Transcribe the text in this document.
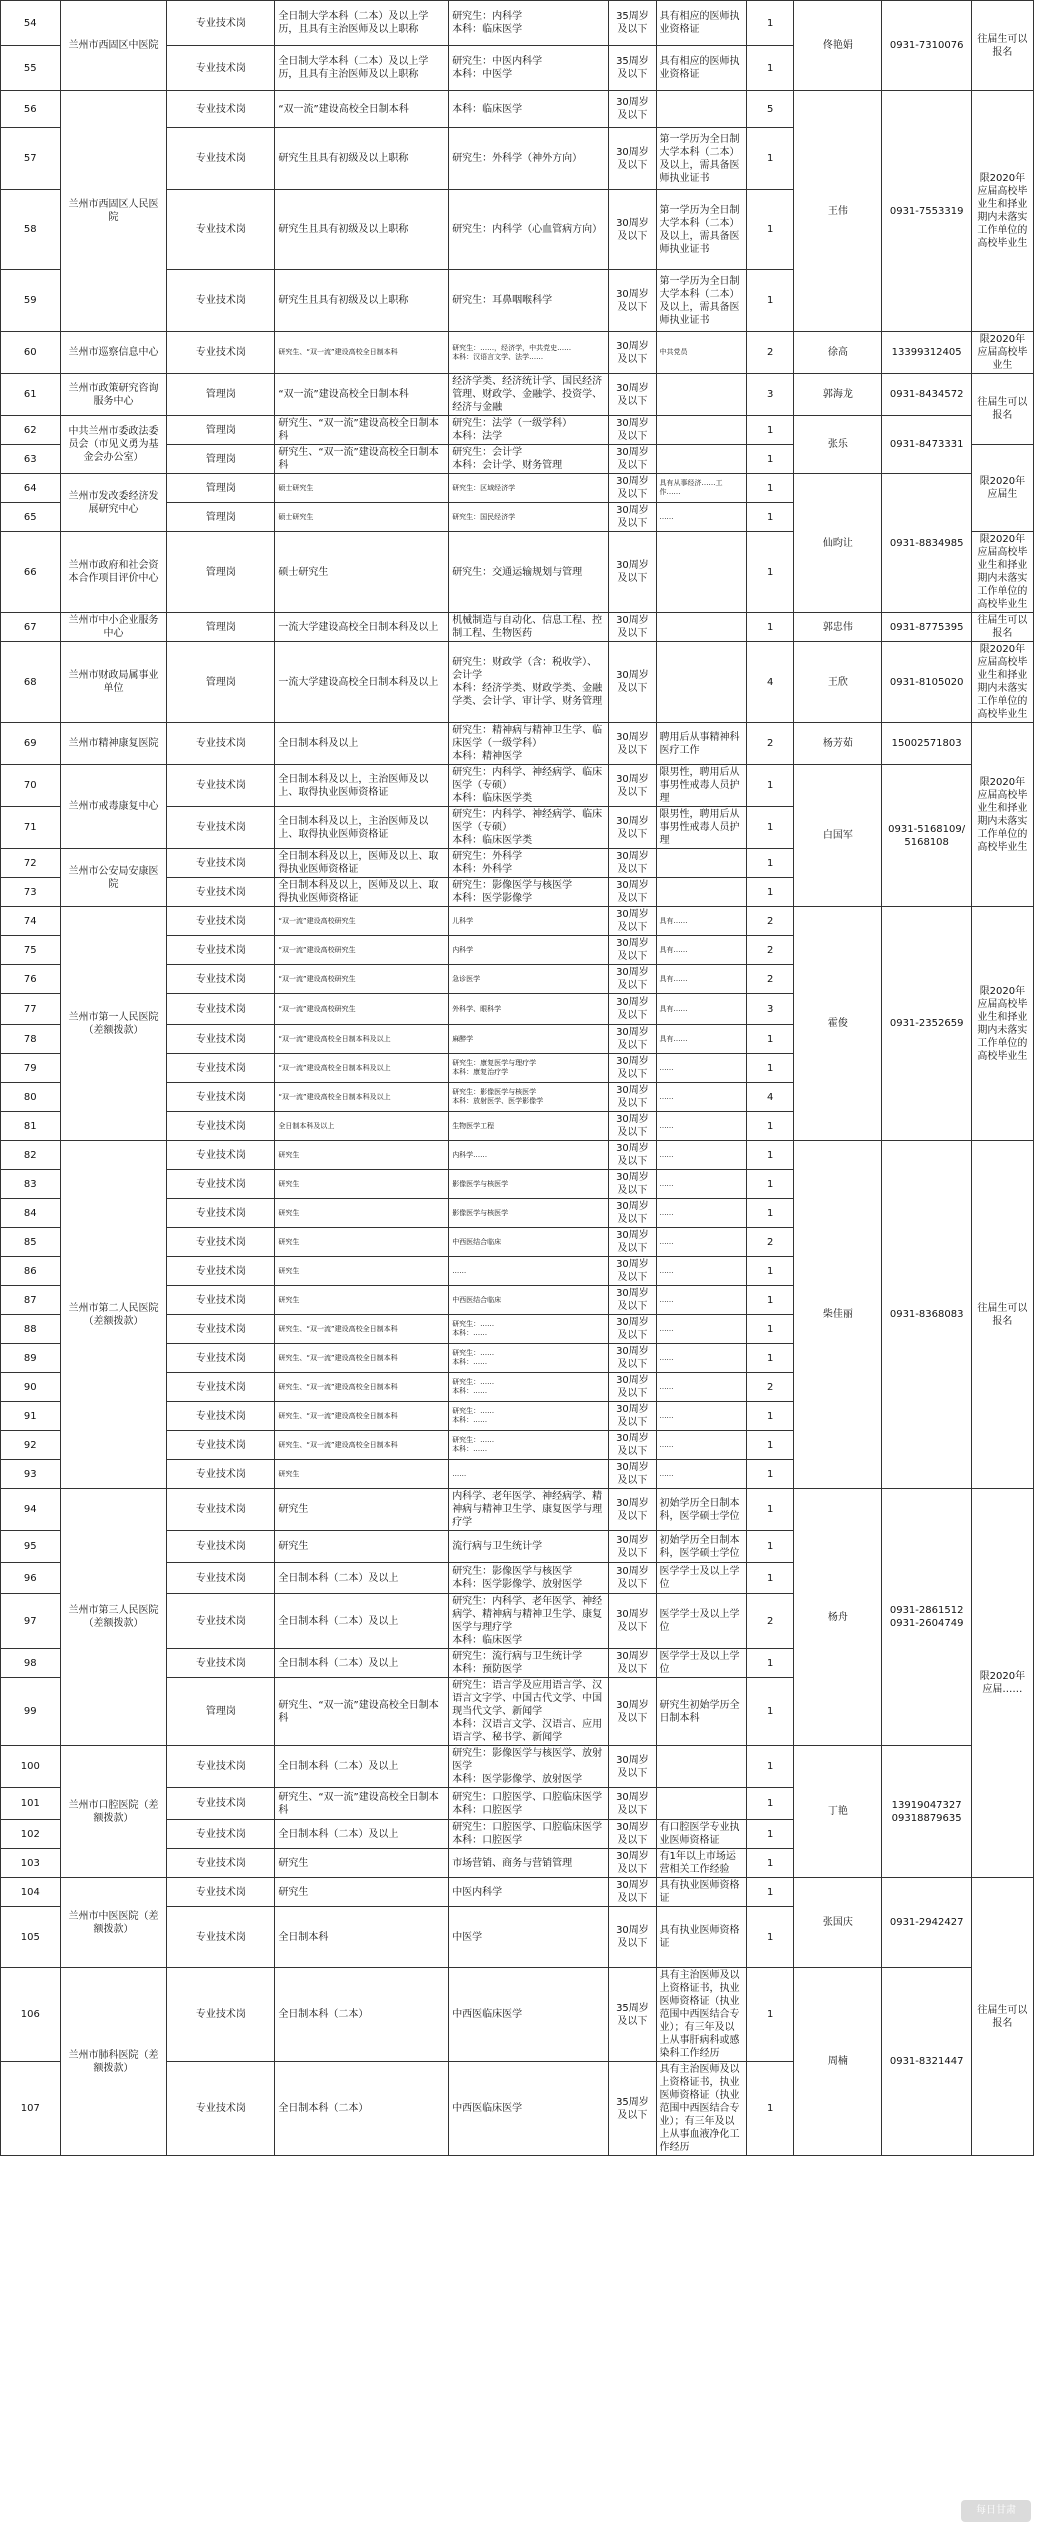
54	兰州市西固区中医院	专业技术岗	全日制大学本科（二本）及以上学历，且具有主治医师及以上职称	研究生：内科学
本科：临床医学	35周岁及以下	具有相应的医师执业资格证	1	佟艳娟	0931-7310076	往届生可以报名
55		专业技术岗	全日制大学本科（二本）及以上学历，且具有主治医师及以上职称	研究生：中医内科学
本科：中医学	35周岁及以下	具有相应的医师执业资格证	1			
56	兰州市西固区人民医院	专业技术岗	“双一流”建设高校全日制本科	本科：临床医学	30周岁及以下		5	王伟	0931-7553319	限2020年应届高校毕业生和择业期内未落实工作单位的高校毕业生
57		专业技术岗	研究生且具有初级及以上职称	研究生：外科学（神外方向）	30周岁及以下	第一学历为全日制大学本科（二本）及以上，需具备医师执业证书	1			
58		专业技术岗	研究生且具有初级及以上职称	研究生：内科学（心血管病方向）	30周岁及以下	第一学历为全日制大学本科（二本）及以上，需具备医师执业证书	1			
59		专业技术岗	研究生且具有初级及以上职称	研究生：耳鼻咽喉科学	30周岁及以下	第一学历为全日制大学本科（二本）及以上，需具备医师执业证书	1			
60	兰州市巡察信息中心	专业技术岗	研究生、“双一流”建设高校全日制本科	研究生：……，经济学，中共党史……
本科：汉语言文学、法学……	30周岁及以下	中共党员	2	徐高	13399312405	限2020年应届高校毕业生
61	兰州市政策研究咨询服务中心	管理岗	“双一流”建设高校全日制本科	经济学类、经济统计学、国民经济管理、财政学、金融学、投资学、经济与金融	30周岁及以下		3	郭海龙	0931-8434572	往届生可以报名
62	中共兰州市委政法委员会（市见义勇为基金会办公室）	管理岗	研究生、“双一流”建设高校全日制本科	研究生：法学（一级学科）
本科：法学	30周岁及以下		1	张乐	0931-8473331	
63		管理岗	研究生、“双一流”建设高校全日制本科	研究生：会计学
本科：会计学、财务管理	30周岁及以下		1			限2020年应届生
64	兰州市发改委经济发展研究中心	管理岗	硕士研究生	研究生：区域经济学	30周岁及以下	具有从事经济……工作……	1	仙昀让	0931-8834985	
65		管理岗	硕士研究生	研究生：国民经济学	30周岁及以下	……	1			
66	兰州市政府和社会资本合作项目评价中心	管理岗	硕士研究生	研究生：交通运输规划与管理	30周岁及以下		1			限2020年应届高校毕业生和择业期内未落实工作单位的高校毕业生
67	兰州市中小企业服务中心	管理岗	一流大学建设高校全日制本科及以上	机械制造与自动化、信息工程、控制工程、生物医药	30周岁及以下		1	郭忠伟	0931-8775395	往届生可以报名
68	兰州市财政局属事业单位	管理岗	一流大学建设高校全日制本科及以上	研究生：财政学（含：税收学）、会计学
本科：经济学类、财政学类、金融学类、会计学、审计学、财务管理	30周岁及以下		4	王欣	0931-8105020	限2020年应届高校毕业生和择业期内未落实工作单位的高校毕业生
69	兰州市精神康复医院	专业技术岗	全日制本科及以上	研究生：精神病与精神卫生学、临床医学（一级学科）
本科：精神医学	30周岁及以下	聘用后从事精神科医疗工作	2	杨芳茹	15002571803	限2020年应届高校毕业生和择业期内未落实工作单位的高校毕业生
70	兰州市戒毒康复中心	专业技术岗	全日制本科及以上，主治医师及以上、取得执业医师资格证	研究生：内科学、神经病学、临床医学（专硕）
本科：临床医学类	30周岁及以下	限男性，聘用后从事男性戒毒人员护理	1	白国军	0931-5168109/5168108	
71		专业技术岗	全日制本科及以上，主治医师及以上、取得执业医师资格证	研究生：内科学、神经病学、临床医学（专硕）
本科：临床医学类	30周岁及以下	限男性，聘用后从事男性戒毒人员护理	1			
72	兰州市公安局安康医院	专业技术岗	全日制本科及以上，医师及以上、取得执业医师资格证	研究生：外科学
本科：外科学	30周岁及以下		1			
73		专业技术岗	全日制本科及以上，医师及以上、取得执业医师资格证	研究生：影像医学与核医学
本科：医学影像学	30周岁及以下		1			
74	兰州市第一人民医院（差额拨款）	专业技术岗	“双一流”建设高校研究生	儿科学	30周岁及以下	具有……	2	霍俊	0931-2352659	限2020年应届高校毕业生和择业期内未落实工作单位的高校毕业生
75		专业技术岗	“双一流”建设高校研究生	内科学	30周岁及以下	具有……	2			
76		专业技术岗	“双一流”建设高校研究生	急诊医学	30周岁及以下	具有……	2			
77		专业技术岗	“双一流”建设高校研究生	外科学、眼科学	30周岁及以下	具有……	3			
78		专业技术岗	“双一流”建设高校全日制本科及以上	麻醉学	30周岁及以下	具有……	1			
79		专业技术岗	“双一流”建设高校全日制本科及以上	研究生：康复医学与理疗学
本科：康复治疗学	30周岁及以下	……	1			
80		专业技术岗	“双一流”建设高校全日制本科及以上	研究生：影像医学与核医学
本科：放射医学、医学影像学	30周岁及以下	……	4			
81		专业技术岗	全日制本科及以上	生物医学工程	30周岁及以下	……	1			
82	兰州市第二人民医院（差额拨款）	专业技术岗	研究生	内科学……	30周岁及以下	……	1	柴佳丽	0931-8368083	往届生可以报名
83		专业技术岗	研究生	影像医学与核医学	30周岁及以下	……	1			
84		专业技术岗	研究生	影像医学与核医学	30周岁及以下	……	1			
85		专业技术岗	研究生	中西医结合临床	30周岁及以下	……	2			
86		专业技术岗	研究生	……	30周岁及以下	……	1			
87		专业技术岗	研究生	中西医结合临床	30周岁及以下	……	1			
88		专业技术岗	研究生、“双一流”建设高校全日制本科	研究生：……
本科：……	30周岁及以下	……	1			
89		专业技术岗	研究生、“双一流”建设高校全日制本科	研究生：……
本科：……	30周岁及以下	……	1			
90		专业技术岗	研究生、“双一流”建设高校全日制本科	研究生：……
本科：……	30周岁及以下	……	2			
91		专业技术岗	研究生、“双一流”建设高校全日制本科	研究生：……
本科：……	30周岁及以下	……	1			
92		专业技术岗	研究生、“双一流”建设高校全日制本科	研究生：……
本科：……	30周岁及以下	……	1			
93		专业技术岗	研究生	……	30周岁及以下	……	1			
94	兰州市第三人民医院（差额拨款）	专业技术岗	研究生	内科学、老年医学、神经病学、精神病与精神卫生学、康复医学与理疗学	30周岁及以下	初始学历全日制本科，医学硕士学位	1	杨舟	0931-2861512
0931-2604749	限2020年应届……
95		专业技术岗	研究生	流行病与卫生统计学	30周岁及以下	初始学历全日制本科，医学硕士学位	1			
96		专业技术岗	全日制本科（二本）及以上	研究生：影像医学与核医学
本科：医学影像学、放射医学	30周岁及以下	医学学士及以上学位	1			
97		专业技术岗	全日制本科（二本）及以上	研究生：内科学、老年医学、神经病学、精神病与精神卫生学、康复医学与理疗学
本科：临床医学	30周岁及以下	医学学士及以上学位	2			
98		专业技术岗	全日制本科（二本）及以上	研究生：流行病与卫生统计学
本科：预防医学	30周岁及以下	医学学士及以上学位	1			
99		管理岗	研究生、“双一流”建设高校全日制本科	研究生：语言学及应用语言学、汉语言文字学、中国古代文学、中国现当代文学、新闻学
本科：汉语言文学、汉语言、应用语言学、秘书学、新闻学	30周岁及以下	研究生初始学历全日制本科	1			
100	兰州市口腔医院（差额拨款）	专业技术岗	全日制本科（二本）及以上	研究生：影像医学与核医学、放射医学
本科：医学影像学、放射医学	30周岁及以下		1	丁艳	13919047327
09318879635	
101		专业技术岗	研究生、“双一流”建设高校全日制本科	研究生：口腔医学、口腔临床医学
本科：口腔医学	30周岁及以下		1			
102		专业技术岗	全日制本科（二本）及以上	研究生：口腔医学、口腔临床医学
本科：口腔医学	30周岁及以下	有口腔医学专业执业医师资格证	1			
103		专业技术岗	研究生	市场营销、商务与营销管理	30周岁及以下	有1年以上市场运营相关工作经验	1			
104	兰州市中医医院（差额拨款）	专业技术岗	研究生	中医内科学	30周岁及以下	具有执业医师资格证	1	张国庆	0931-2942427	往届生可以报名
105		专业技术岗	全日制本科	中医学	30周岁及以下	具有执业医师资格证	1			
106	兰州市肺科医院（差额拨款）	专业技术岗	全日制本科（二本）	中西医临床医学	35周岁及以下	具有主治医师及以上资格证书，执业医师资格证（执业范围中西医结合专业）；有三年及以上从事肝病科或感染科工作经历	1	周楠	0931-8321447	
107		专业技术岗	全日制本科（二本）	中西医临床医学	35周岁及以下	具有主治医师及以上资格证书，执业医师资格证（执业范围中西医结合专业）；有三年及以上从事血液净化工作经历	1			
每日甘肃
